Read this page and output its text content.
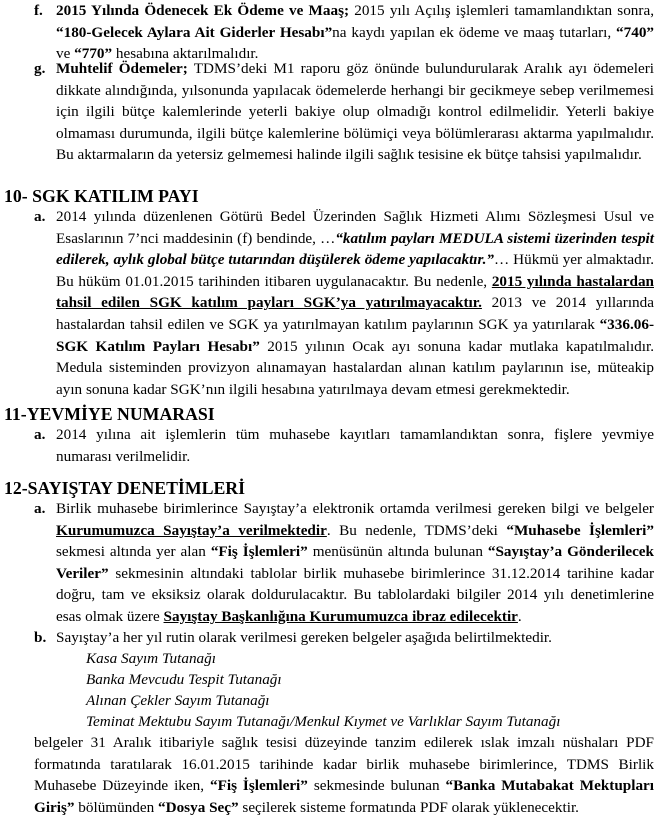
f. 2015 Yılında Ödenecek Ek Ödeme ve Maaş; 2015 yılı Açılış işlemleri tamamlandıktan sonra, “180-Gelecek Aylara Ait Giderler Hesabı”na kaydı yapılan ek ödeme ve maaş tutarları, “740” ve “770” hesabına aktarılmalıdır.

g. Muhtelif Ödemeler; TDMS’deki M1 raporu göz önünde bulundurularak Aralık ayı ödemeleri dikkate alındığında, yılsonunda yapılacak ödemelerde herhangi bir gecikmeye sebep verilmemesi için ilgili bütçe kalemlerinde yeterli bakiye olup olmadığı kontrol edilmelidir. Yeterli bakiye olmaması durumunda, ilgili bütçe kalemlerine bölümiçi veya bölümlerarası aktarma yapılmalıdır. Bu aktarmaların da yetersiz gelmemesi halinde ilgili sağlık tesisine ek bütçe tahsisi yapılmalıdır.

10- SGK KATILIM PAYI
a. 2014 yılında düzenlenen Götürü Bedel Üzerinden Sağlık Hizmeti Alımı Sözleşmesi Usul ve Esaslarının 7’nci maddesinin (f) bendinde, …“katılım payları MEDULA sistemi üzerinden tespit edilerek, aylık global bütçe tutarından düşülerek ödeme yapılacaktır.”… Hükmü yer almaktadır. Bu hüküm 01.01.2015 tarihinden itibaren uygulanacaktır. Bu nedenle, 2015 yılında hastalardan tahsil edilen SGK katılım payları SGK’ya yatırılmayacaktır. 2013 ve 2014 yıllarında hastalardan tahsil edilen ve SGK ya yatırılmayan katılım paylarının SGK ya yatırılarak “336.06-SGK Katılım Payları Hesabı” 2015 yılının Ocak ayı sonuna kadar mutlaka kapatılmalıdır. Medula sisteminden provizyon alınamayan hastalardan alınan katılım paylarının ise, müteakip ayın sonuna kadar SGK’nın ilgili hesabına yatırılmaya devam etmesi gerekmektedir.

11-YEVMİYE NUMARASI
a. 2014 yılına ait işlemlerin tüm muhasebe kayıtları tamamlandıktan sonra, fişlere yevmiye numarası verilmelidir.

12-SAYIŞTAY DENETİMLERİ
a. Birlik muhasebe birimlerince Sayıştay’a elektronik ortamda verilmesi gereken bilgi ve belgeler Kurumumuzca Sayıştay’a verilmektedir. Bu nedenle, TDMS’deki “Muhasebe İşlemleri” sekmesi altında yer alan “Fiş İşlemleri” menüsünün altında bulunan “Sayıştay’a Gönderilecek Veriler” sekmesinin altındaki tablolar birlik muhasebe birimlerince 31.12.2014 tarihine kadar doğru, tam ve eksiksiz olarak doldurulacaktır. Bu tablolardaki bilgiler 2014 yılı denetimlerine esas olmak üzere Sayıştay Başkanlığına Kurumumuzca ibraz edilecektir.

b. Sayıştay’a her yıl rutin olarak verilmesi gereken belgeler aşağıda belirtilmektedir.

Kasa Sayım Tutanağı

Banka Mevcudu Tespit Tutanağı

Alınan Çekler Sayım Tutanağı

Teminat Mektubu Sayım Tutanağı/Menkul Kıymet ve Varlıklar Sayım Tutanağı

belgeler 31 Aralık itibariyle sağlık tesisi düzeyinde tanzim edilerek ıslak imzalı nüshaları PDF formatında taratılarak 16.01.2015 tarihinde kadar birlik muhasebe birimlerince, TDMS Birlik Muhasebe Düzeyinde iken, “Fiş İşlemleri” sekmesinde bulunan “Banka Mutabakat Mektupları Giriş” bölümünden “Dosya Seç” seçilerek sisteme formatında PDF olarak yüklenecektir.
